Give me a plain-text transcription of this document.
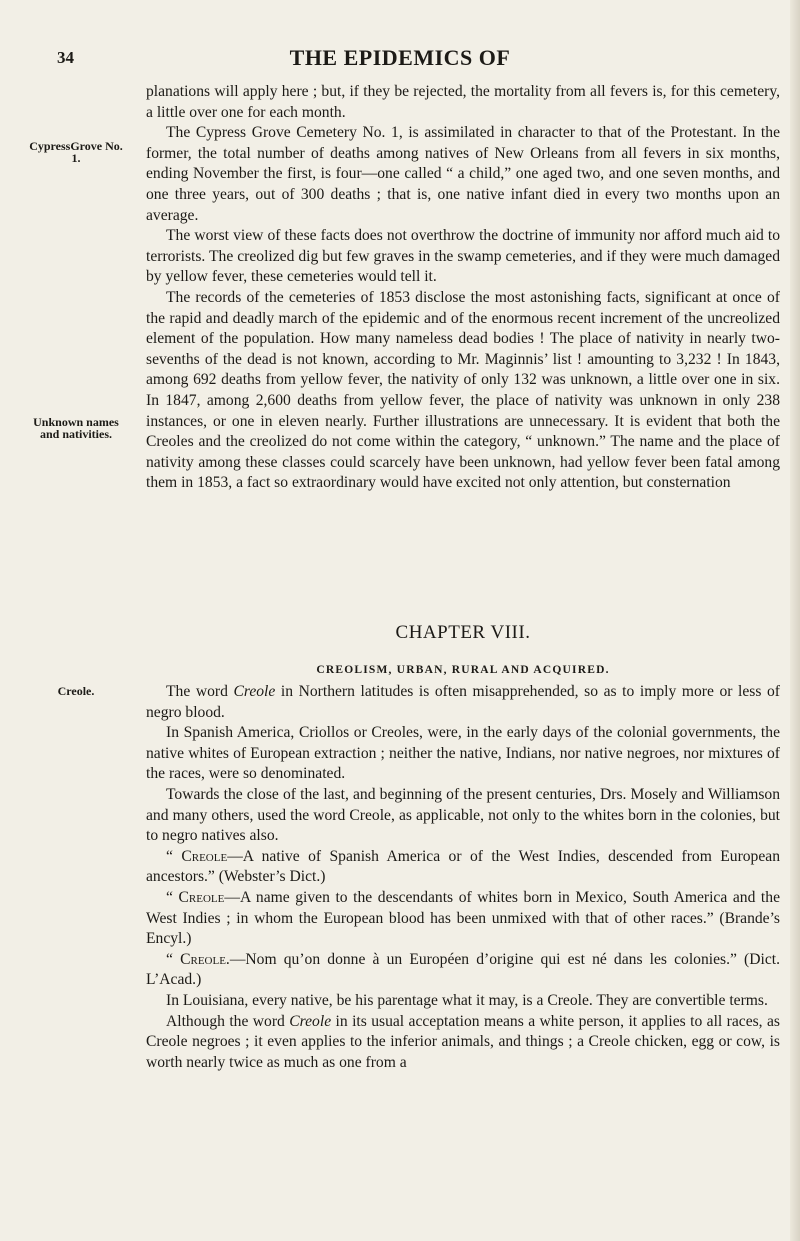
34	THE EPIDEMICS OF
CypressGrove No. 1.
Unknown names and nativities.
Creole.

planations will apply here ; but, if they be rejected, the mortality from all fevers is, for this cemetery, a little over one for each month.

The Cypress Grove Cemetery No. 1, is assimilated in character to that of the Protestant. In the former, the total number of deaths among natives of New Orleans from all fevers in six months, ending November the first, is four—one called “ a child,” one aged two, and one seven months, and one three years, out of 300 deaths ; that is, one native infant died in every two months upon an average.

The worst view of these facts does not overthrow the doctrine of immunity nor afford much aid to terrorists. The creolized dig but few graves in the swamp cemeteries, and if they were much damaged by yellow fever, these cemeteries would tell it.

The records of the cemeteries of 1853 disclose the most astonishing facts, significant at once of the rapid and deadly march of the epidemic and of the enormous recent increment of the uncreolized element of the population. How many nameless dead bodies ! The place of nativity in nearly two-sevenths of the dead is not known, according to Mr. Maginnis’ list ! amounting to 3,232 ! In 1843, among 692 deaths from yellow fever, the nativity of only 132 was unknown, a little over one in six. In 1847, among 2,600 deaths from yellow fever, the place of nativity was unknown in only 238 instances, or one in eleven nearly. Further illustrations are unnecessary. It is evident that both the Creoles and the creolized do not come within the category, “ unknown.” The name and the place of nativity among these classes could scarcely have been unknown, had yellow fever been fatal among them in 1853, a fact so extraordinary would have excited not only attention, but consternation

CHAPTER VIII.
CREOLISM, URBAN, RURAL AND ACQUIRED.

The word Creole in Northern latitudes is often misapprehended, so as to imply more or less of negro blood.

In Spanish America, Criollos or Creoles, were, in the early days of the colonial governments, the native whites of European extraction ; neither the native, Indians, nor native negroes, nor mixtures of the races, were so denominated.

Towards the close of the last, and beginning of the present centuries, Drs. Mosely and Williamson and many others, used the word Creole, as applicable, not only to the whites born in the colonies, but to negro natives also.

“ Creole—A native of Spanish America or of the West Indies, descended from European ancestors.” (Webster’s Dict.)

“ Creole—A name given to the descendants of whites born in Mexico, South America and the West Indies ; in whom the European blood has been unmixed with that of other races.” (Brande’s Encyl.)

“ Creole.—Nom qu’on donne à un Européen d’origine qui est né dans les colonies.” (Dict. L’Acad.)

In Louisiana, every native, be his parentage what it may, is a Creole. They are convertible terms.

Although the word Creole in its usual acceptation means a white person, it applies to all races, as Creole negroes ; it even applies to the inferior animals, and things ; a Creole chicken, egg or cow, is worth nearly twice as much as one from a
